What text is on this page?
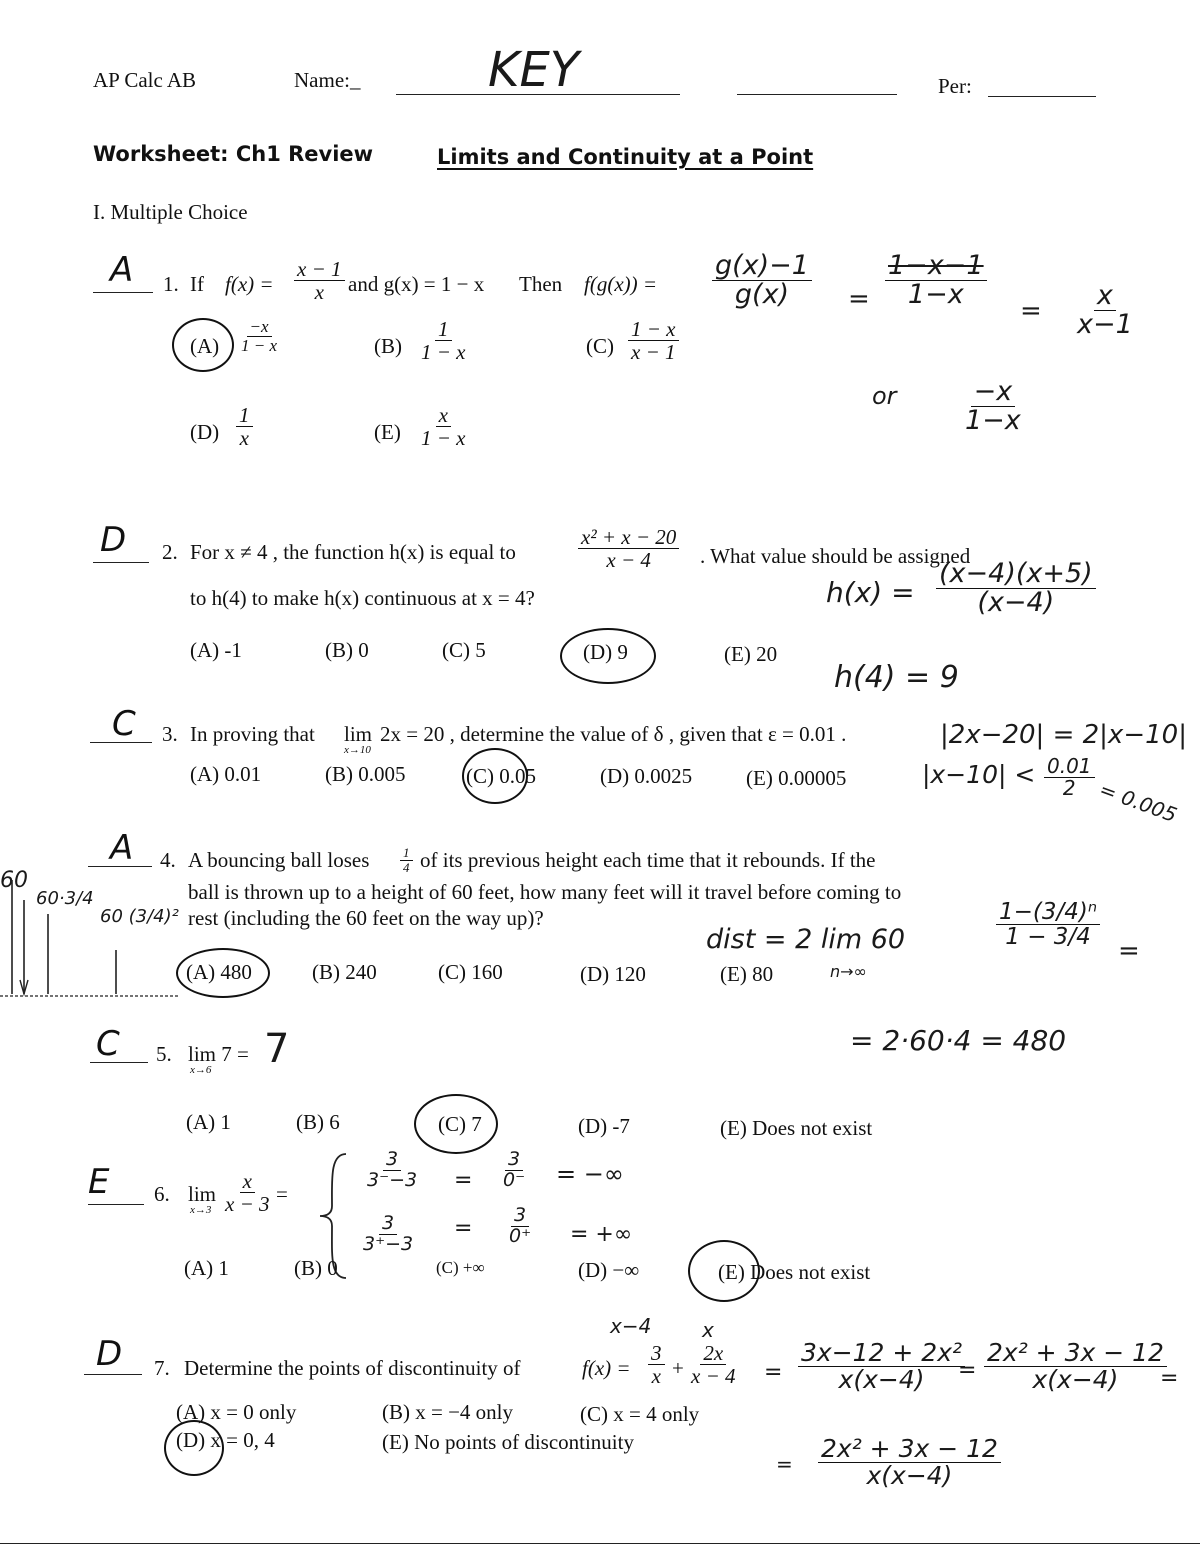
AP Calc AB	Name:_	KEY	Per:
Worksheet: Ch1 Review	Limits and Continuity at a Point
I. Multiple Choice
A 1. If $f(x) = \frac{x - 1}{x}$ and g(x) = 1 − x Then f(g(x)) =
$(A) \frac{-x}{1 - x}$	$(B) \frac{1}{1 - x}$	$(C) \frac{1 - x}{x - 1}$
$(D) \frac{1}{x}$	$(E) \frac{x}{1 - x}$
$\frac{g(x)-1}{g(x)} = \frac{1-x-1}{1-x}$
= $\frac{x}{x-1}$
or $\frac{-x}{1-x}$
D 2. For x ≠ 4 , the function h(x) is equal to	$\frac{\text{x² + x − 20}}{x - 4}$ . What value should be assigned
to h(4) to make h(x) continuous at x = 4?
(A) -1	(B) 0	(C) 5	(D) 9	(E) 20
$h(x) = \frac{(x-4)(x+5)}{(x-4)}$
h(4) = 9
C 3. In proving that lim
x→10
2x = 20 , determine the value of δ , given that ε = 0.01 .
(A) 0.01	(B) 0.005	(C) 0.05	(D) 0.0025	(E) 0.00005
|2x−20| = 2|x−10|
$|x-10| < \frac{0.01}{2} = 0.005$
A 4. A bouncing ball loses $\frac{1}{4}$ of its previous height each time that it rebounds. If the
ball is thrown up to a height of 60 feet, how many feet will it travel before coming to
rest (including the 60 feet on the way up)?
60
60·3/4
60 (3/4)²
(A) 480	(B) 240	(C) 160	(D) 120	(E) 80
dist = 2 lim 60
n→∞
$\frac{\text{1−(3/4)ⁿ}}{1 - 3/4}$
=
= 2·60·4 = 480
C 5. lim 7 =
x→6 7
(A) 1	(B) 6	(C) 7	(D) -7	(E) Does not exist
E 6. lim
$x\to 3 \frac{x}{x - 3}$ =
$\frac{3}{3^--3} = \frac{3}{0^-}$ = −∞
$\frac{3}{3^+-3} = \frac{3}{0^+}$ = +∞
(A) 1	(B) 0	(C) +∞	(D) −∞	(E) Does not exist
D 7. Determine the points of discontinuity of	$f(x) = \frac{3}{x} + \frac{2x}{x - 4}$
x−4	x
= $\frac{\text{3x−12 + 2x²}}{x(x-4)}$
= $\frac{\text{2x² + 3x − 12}}{x(x-4)}$
=
= $\frac{\text{2x² + 3x − 12}}{x(x-4)}$
(A) x = 0 only	(B) x = −4 only	(C) x = 4 only
(D) x = 0, 4	(E) No points of discontinuity
